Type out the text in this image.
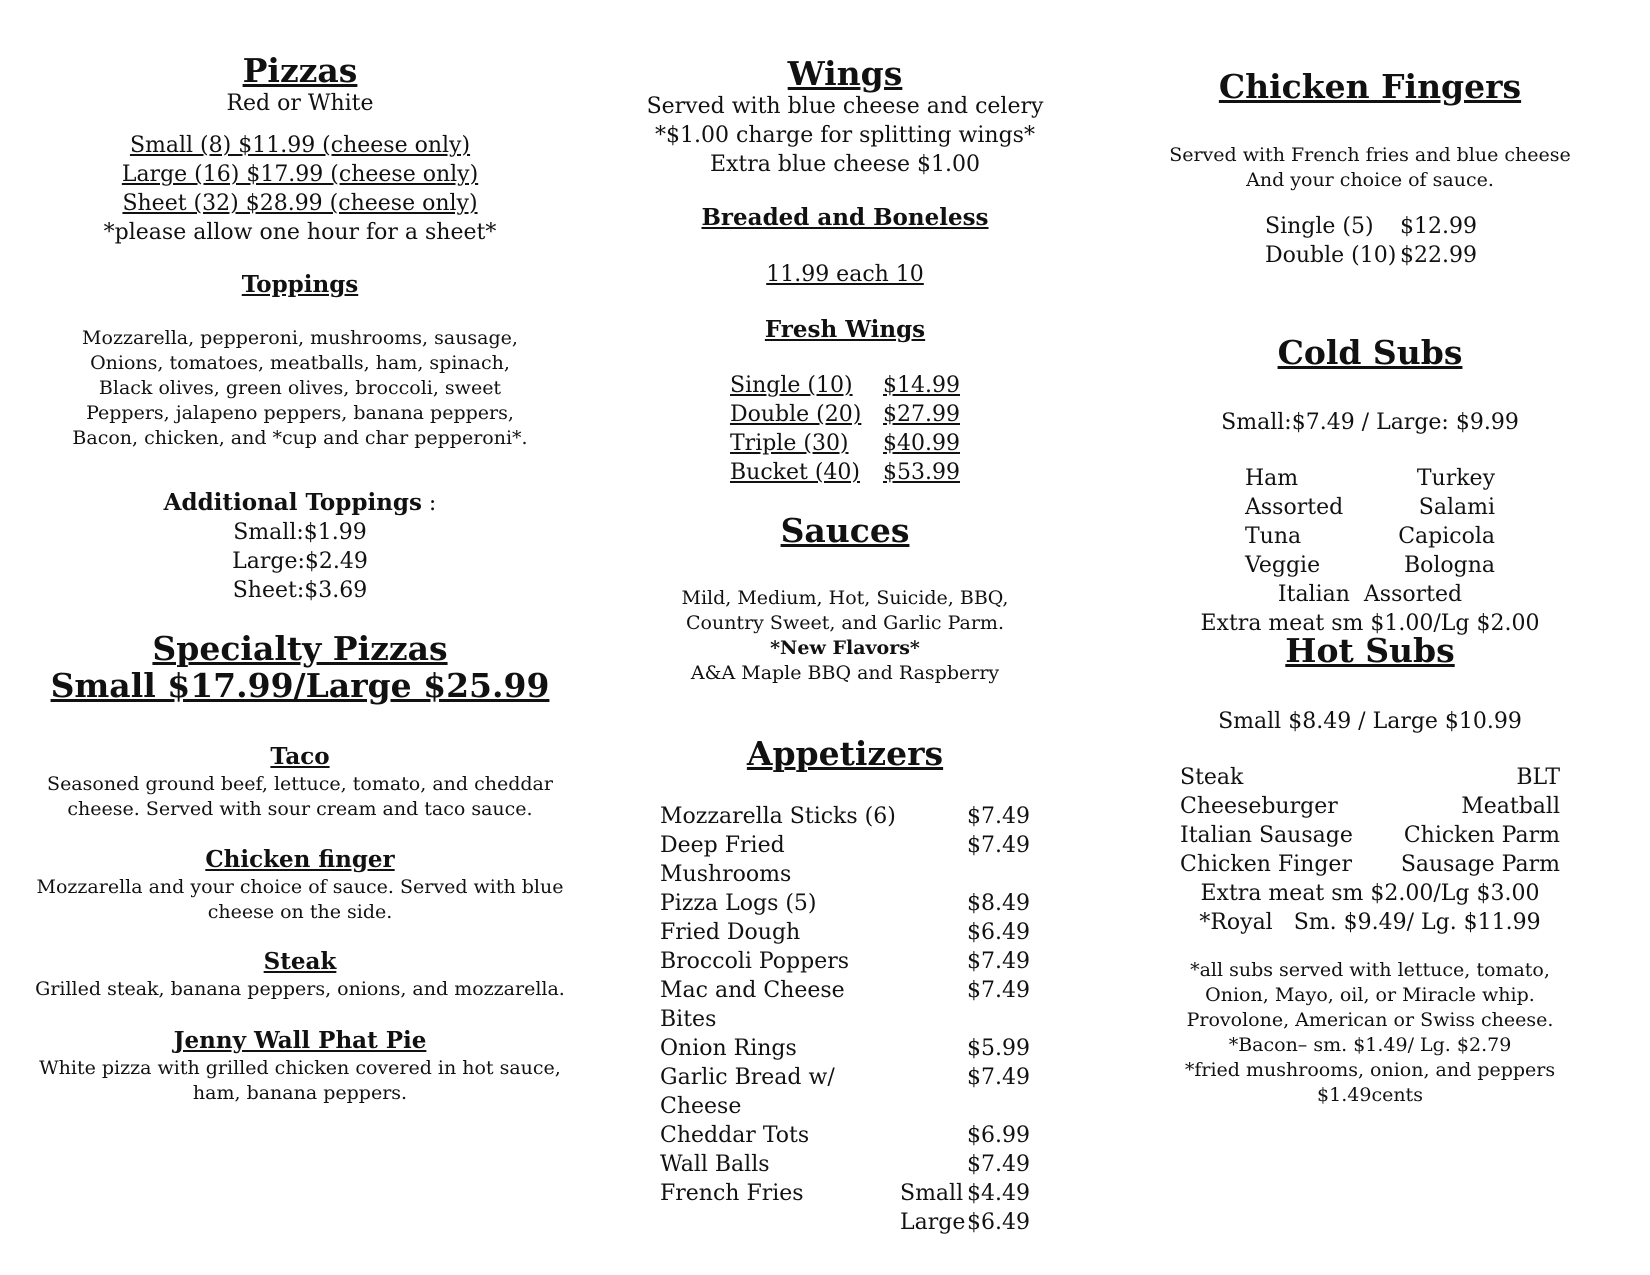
Pizzas
Red or White
Small (8) $11.99 (cheese only)
Large (16) $17.99 (cheese only)
Sheet (32) $28.99 (cheese only)
*please allow one hour for a sheet*
Toppings
Mozzarella, pepperoni, mushrooms, sausage,
Onions, tomatoes, meatballs, ham, spinach,
Black olives, green olives, broccoli, sweet
Peppers, jalapeno peppers, banana peppers,
Bacon, chicken, and *cup and char pepperoni*.
Additional Toppings :
Small:$1.99
Large:$2.49
Sheet:$3.69
Specialty Pizzas
Small $17.99/Large $25.99
Taco
Seasoned ground beef, lettuce, tomato, and cheddar
cheese. Served with sour cream and taco sauce.
Chicken finger
Mozzarella and your choice of sauce. Served with blue
cheese on the side.
Steak
Grilled steak, banana peppers, onions, and mozzarella.
Jenny Wall Phat Pie
White pizza with grilled chicken covered in hot sauce,
ham, banana peppers.
Wings
Served with blue cheese and celery
*$1.00 charge for splitting wings*
Extra blue cheese $1.00
Breaded and Boneless
11.99 each 10
Fresh Wings
Single (10)	$14.99
Double (20) $27.99
Triple (30)	$40.99
Bucket (40)	$53.99
Sauces
Mild, Medium, Hot, Suicide, BBQ,
Country Sweet, and Garlic Parm.
*New Flavors*
A&A Maple BBQ and Raspberry
Appetizers
Mozzarella Sticks (6)	$7.49
Deep Fried Mushrooms
$7.49
Pizza Logs (5)	$8.49
Fried Dough	$6.49
Broccoli Poppers	$7.49
Mac and Cheese Bites
$7.49
Onion Rings	$5.99
Garlic Bread w/ Cheese
$7.49
Cheddar Tots	$6.99
Wall Balls	$7.49
French Fries	Small $4.49
Large $6.49
Chicken Fingers
Served with French fries and blue cheese
And your choice of sauce.
Single (5)	$12.99
Double (10) $22.99
Cold Subs
Small:$7.49 / Large: $9.99
Ham	Turkey
Assorted	Salami
Tuna	Capicola
Veggie	Bologna
Italian  Assorted
Extra meat sm $1.00/Lg $2.00
Hot Subs
Small $8.49 / Large $10.99
Steak	BLT
Cheeseburger	Meatball
Italian Sausage	Chicken Parm
Chicken Finger	Sausage Parm
Extra meat sm $2.00/Lg $3.00
*Royal   Sm. $9.49/ Lg. $11.99
*all subs served with lettuce, tomato,
Onion, Mayo, oil, or Miracle whip.
Provolone, American or Swiss cheese.
*Bacon– sm. $1.49/ Lg. $2.79
*fried mushrooms, onion, and peppers
$1.49cents
